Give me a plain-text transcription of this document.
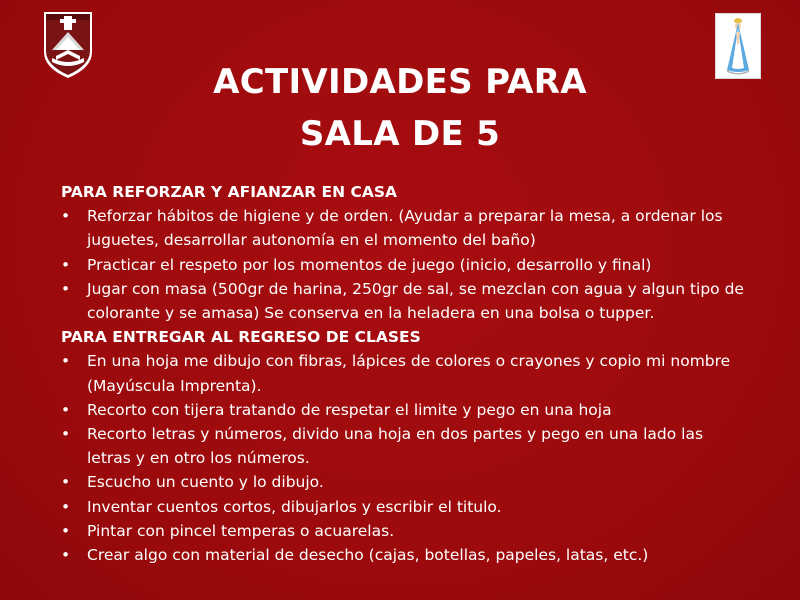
ACTIVIDADES PARA
SALA DE 5
PARA REFORZAR Y AFIANZAR EN CASA
• Reforzar hábitos de higiene y de orden. (Ayudar a preparar la mesa, a ordenar los juguetes, desarrollar autonomía en el momento del baño)
• Practicar el respeto por los momentos de juego (inicio, desarrollo y final)
• Jugar con masa (500gr de harina, 250gr de sal, se mezclan con agua y algun tipo de colorante y se amasa) Se conserva en la heladera en una bolsa o tupper.
PARA ENTREGAR AL REGRESO DE CLASES
• En una hoja me dibujo con fibras, lápices de colores o crayones y copio mi nombre (Mayúscula Imprenta).
• Recorto con tijera tratando de respetar el limite y pego en una hoja
• Recorto letras y números, divido una hoja en dos partes y pego en una lado las letras y en otro los números.
• Escucho un cuento y lo dibujo.
• Inventar cuentos cortos, dibujarlos y escribir el titulo.
• Pintar con pincel temperas o acuarelas.
• Crear algo con material de desecho (cajas, botellas, papeles, latas, etc.)
